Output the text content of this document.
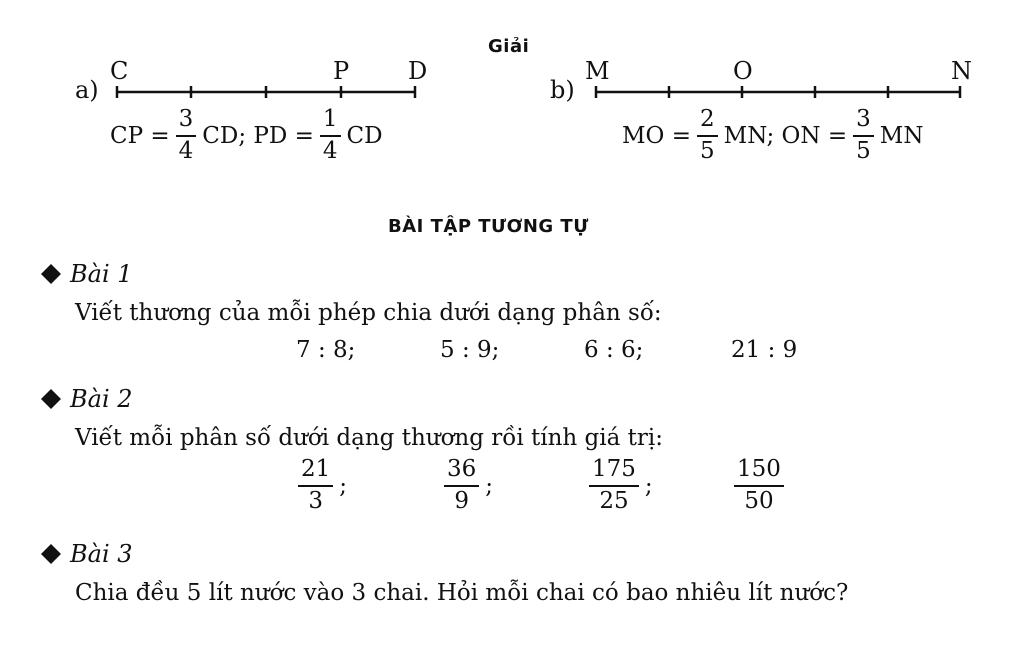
Giải
a)
C	P D
CP = $\frac{3}{4}$ CD; PD = $\frac{1}{4}$ CD
b)
M	O	N
MO = $\frac{2}{5}$ MN; ON = $\frac{3}{5}$ MN
BÀI TẬP TƯƠNG TỰ
Bài 1
Viết thương của mỗi phép chia dưới dạng phân số:
7 : 8;	5 : 9;	6 : 6;	21 : 9
Bài 2
Viết mỗi phân số dưới dạng thương rồi tính giá trị:
$\frac{21}{3}$ ;	$\frac{36}{9}$ ;	$\frac{175}{25}$ ;	$\frac{150}{50}$
Bài 3
Chia đều 5 lít nước vào 3 chai. Hỏi mỗi chai có bao nhiêu lít nước?
